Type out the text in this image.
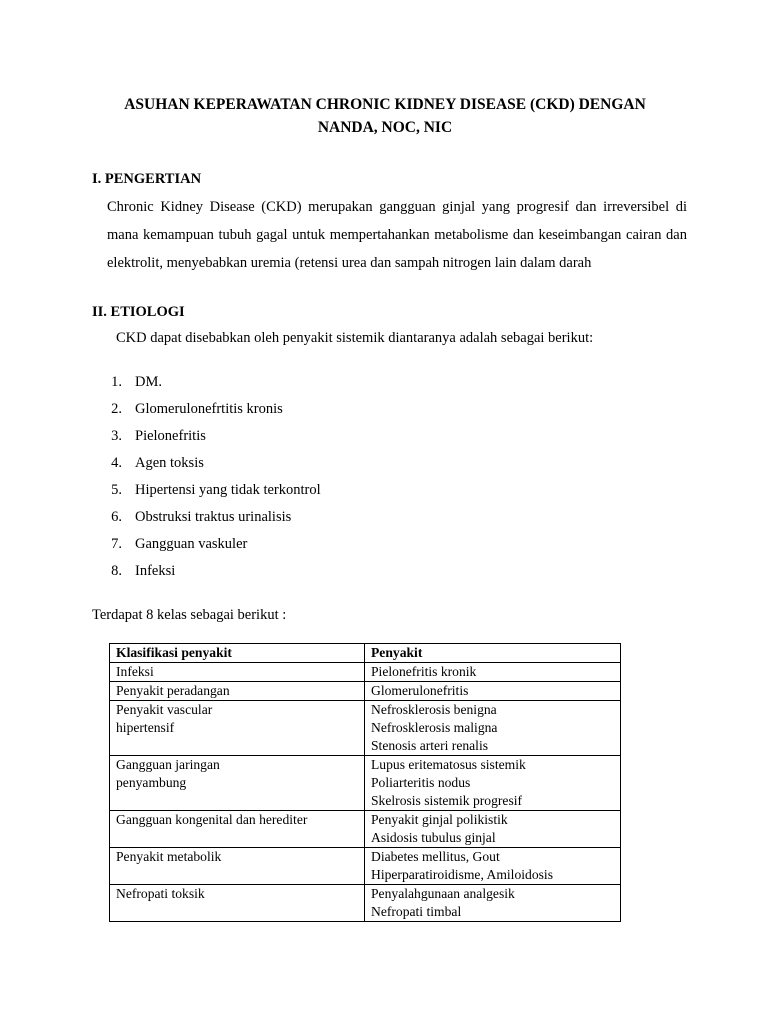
ASUHAN KEPERAWATAN CHRONIC KIDNEY DISEASE (CKD) DENGAN
NANDA, NOC, NIC
I. PENGERTIAN
Chronic Kidney Disease (CKD) merupakan gangguan ginjal yang progresif dan irreversibel di mana kemampuan tubuh gagal untuk mempertahankan metabolisme dan keseimbangan cairan dan elektrolit, menyebabkan uremia (retensi urea dan sampah nitrogen lain dalam darah
II. ETIOLOGI
CKD dapat disebabkan oleh penyakit sistemik diantaranya adalah sebagai berikut:
1. DM.
2. Glomerulonefrtitis kronis
3. Pielonefritis
4. Agen toksis
5. Hipertensi yang tidak terkontrol
6. Obstruksi traktus urinalisis
7. Gangguan vaskuler
8. Infeksi
Terdapat 8 kelas sebagai berikut :
Klasifikasi penyakit	Penyakit

Infeksi	Pielonefritis kronik

Penyakit peradangan	Glomerulonefritis

Penyakit vascular
hipertensif	Nefrosklerosis benigna
Nefrosklerosis maligna
Stenosis arteri renalis

Gangguan jaringan
penyambung	Lupus eritematosus sistemik
Poliarteritis nodus
Skelrosis sistemik progresif

Gangguan kongenital dan herediter	Penyakit ginjal polikistik
Asidosis tubulus ginjal

Penyakit metabolik	Diabetes mellitus, Gout
Hiperparatiroidisme, Amiloidosis

Nefropati toksik	Penyalahgunaan analgesik
Nefropati timbal
